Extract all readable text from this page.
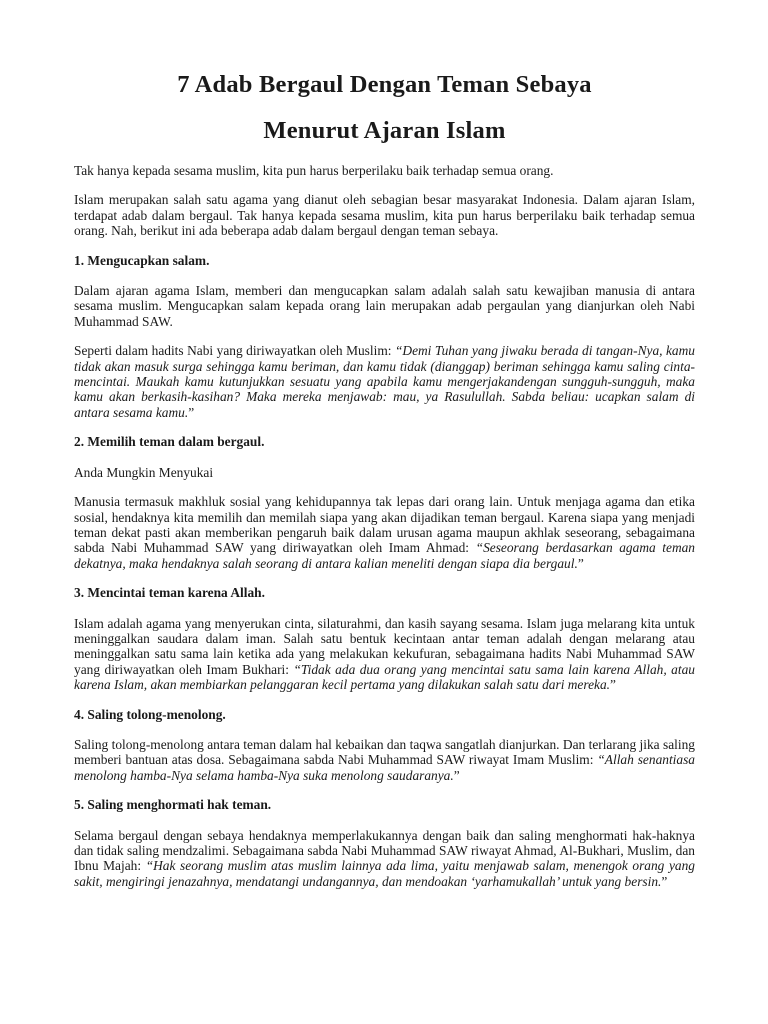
7 Adab Bergaul Dengan Teman Sebaya
Menurut Ajaran Islam

Tak hanya kepada sesama muslim, kita pun harus berperilaku baik terhadap semua orang.

Islam merupakan salah satu agama yang dianut oleh sebagian besar masyarakat Indonesia. Dalam ajaran Islam, terdapat adab dalam bergaul. Tak hanya kepada sesama muslim, kita pun harus berperilaku baik terhadap semua orang. Nah, berikut ini ada beberapa adab dalam bergaul dengan teman sebaya.

1. Mengucapkan salam.

Dalam ajaran agama Islam, memberi dan mengucapkan salam adalah salah satu kewajiban manusia di antara sesama muslim. Mengucapkan salam kepada orang lain merupakan adab pergaulan yang dianjurkan oleh Nabi Muhammad SAW.

Seperti dalam hadits Nabi yang diriwayatkan oleh Muslim: “Demi Tuhan yang jiwaku berada di tangan-Nya, kamu tidak akan masuk surga sehingga kamu beriman, dan kamu tidak (dianggap) beriman sehingga kamu saling cinta-mencintai. Maukah kamu kutunjukkan sesuatu yang apabila kamu mengerjakandengan sungguh-sungguh, maka kamu akan berkasih-kasihan? Maka mereka menjawab: mau, ya Rasulullah. Sabda beliau: ucapkan salam di antara sesama kamu.”

2. Memilih teman dalam bergaul.

Anda Mungkin Menyukai

Manusia termasuk makhluk sosial yang kehidupannya tak lepas dari orang lain. Untuk menjaga agama dan etika sosial, hendaknya kita memilih dan memilah siapa yang akan dijadikan teman bergaul. Karena siapa yang menjadi teman dekat pasti akan memberikan pengaruh baik dalam urusan agama maupun akhlak seseorang, sebagaimana sabda Nabi Muhammad SAW yang diriwayatkan oleh Imam Ahmad: “Seseorang berdasarkan agama teman dekatnya, maka hendaknya salah seorang di antara kalian meneliti dengan siapa dia bergaul.”

3. Mencintai teman karena Allah.

Islam adalah agama yang menyerukan cinta, silaturahmi, dan kasih sayang sesama. Islam juga melarang kita untuk meninggalkan saudara dalam iman. Salah satu bentuk kecintaan antar teman adalah dengan melarang atau meninggalkan satu sama lain ketika ada yang melakukan kekufuran, sebagaimana hadits Nabi Muhammad SAW yang diriwayatkan oleh Imam Bukhari: “Tidak ada dua orang yang mencintai satu sama lain karena Allah, atau karena Islam, akan membiarkan pelanggaran kecil pertama yang dilakukan salah satu dari mereka.”

4. Saling tolong-menolong.

Saling tolong-menolong antara teman dalam hal kebaikan dan taqwa sangatlah dianjurkan. Dan terlarang jika saling memberi bantuan atas dosa. Sebagaimana sabda Nabi Muhammad SAW riwayat Imam Muslim: “Allah senantiasa menolong hamba-Nya selama hamba-Nya suka menolong saudaranya.”

5. Saling menghormati hak teman.

Selama bergaul dengan sebaya hendaknya memperlakukannya dengan baik dan saling menghormati hak-haknya dan tidak saling mendzalimi. Sebagaimana sabda Nabi Muhammad SAW riwayat Ahmad, Al-Bukhari, Muslim, dan Ibnu Majah: “Hak seorang muslim atas muslim lainnya ada lima, yaitu menjawab salam, menengok orang yang sakit, mengiringi jenazahnya, mendatangi undangannya, dan mendoakan ‘yarhamukallah’ untuk yang bersin.”
